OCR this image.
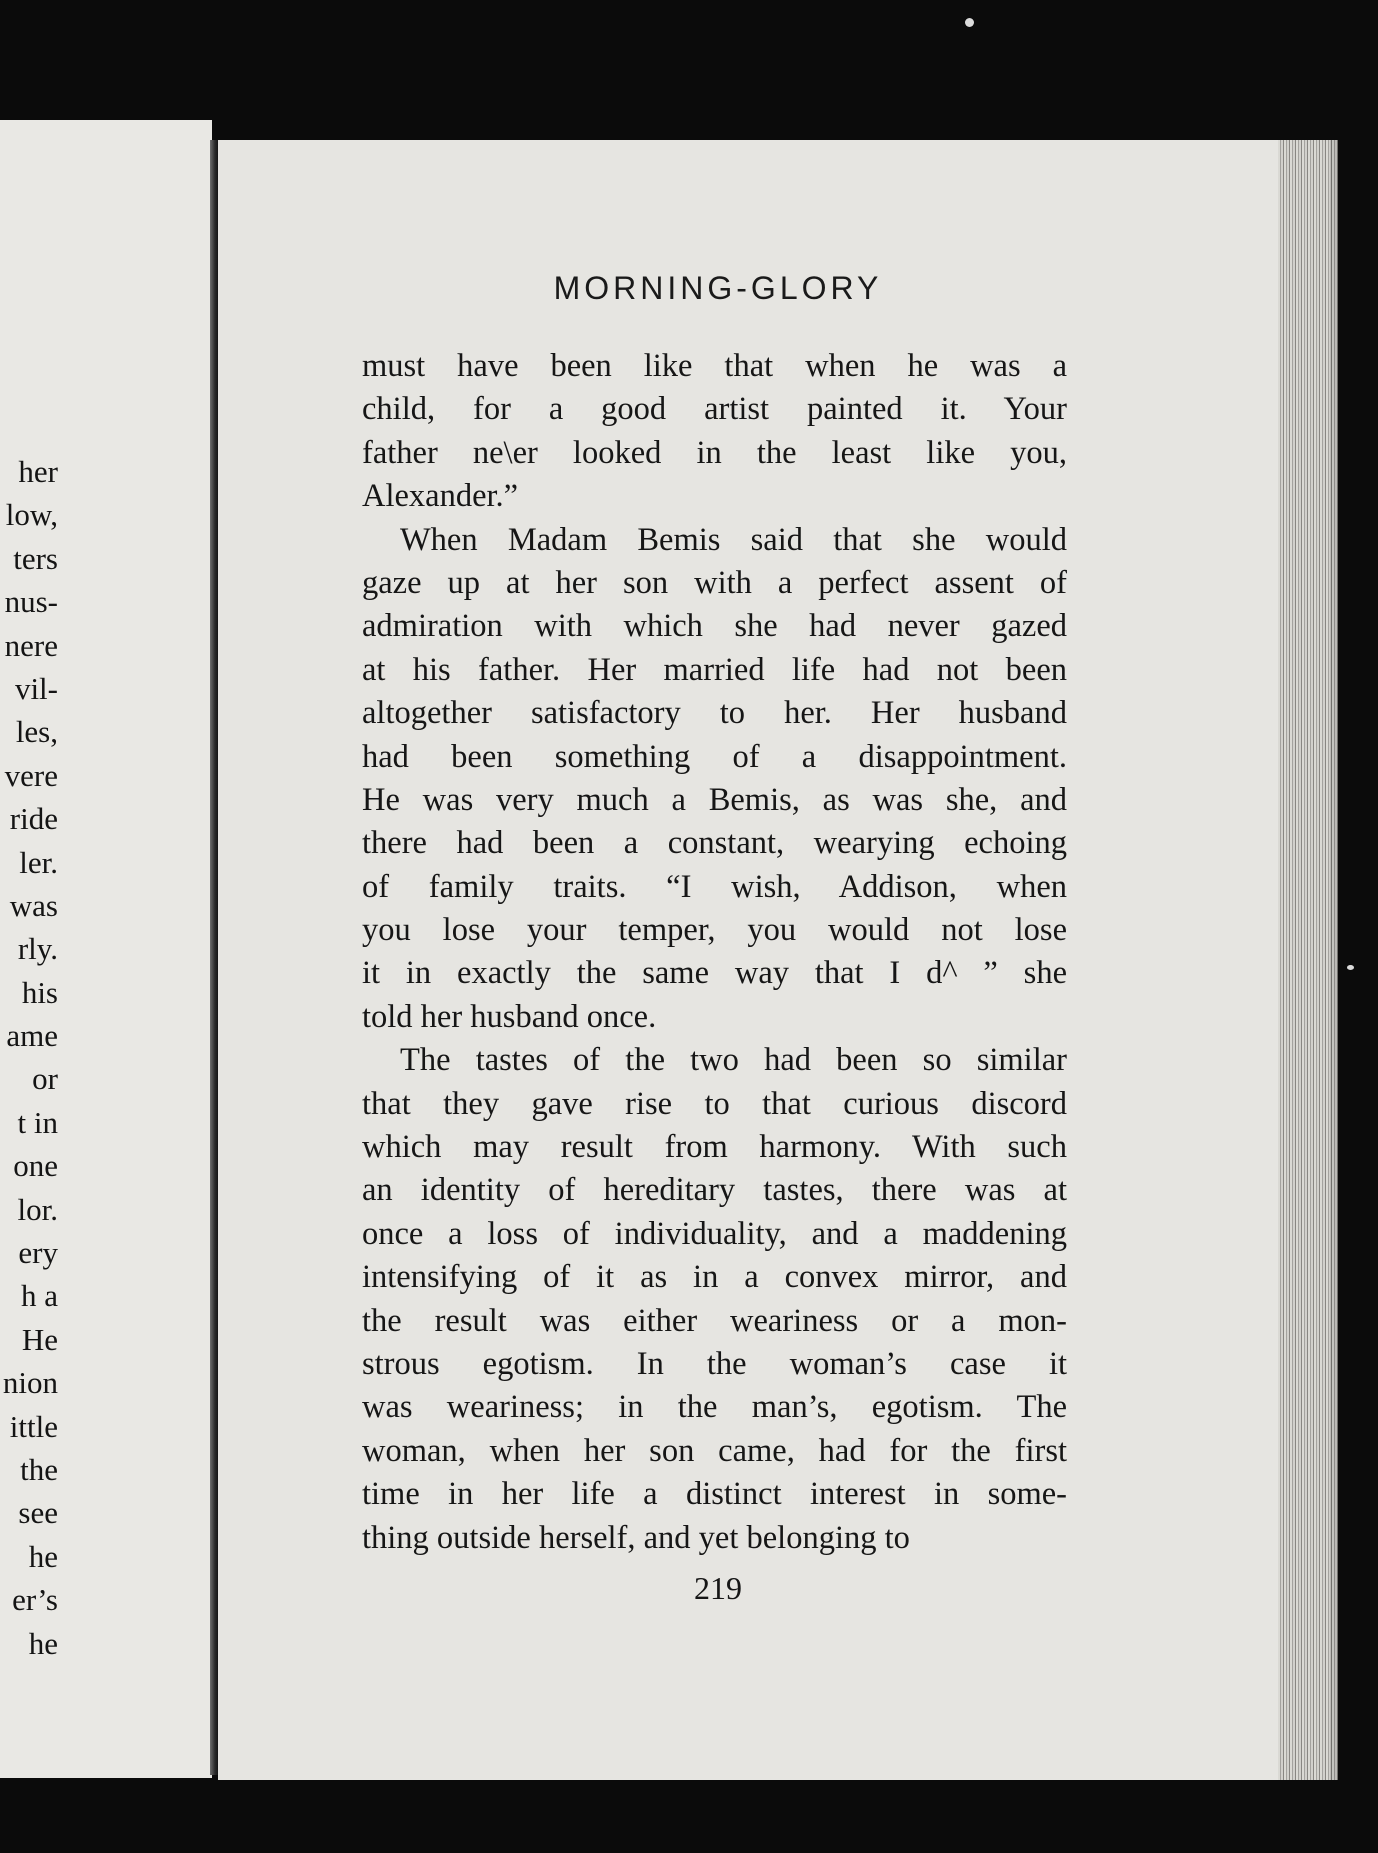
her
low,
ters
nus-
nere
vil-
les,
vere
ride
ler.
was
rly.
his
ame
or
t in
one
lor.
ery
h a
He
nion
ittle
the
see
he
er’s
he
MORNING-GLORY
must have been like that when he was a
child, for a good artist painted it. Your
father ne\er looked in the least like you,
Alexander.”
When Madam Bemis said that she would
gaze up at her son with a perfect assent of
admiration with which she had never gazed
at his father. Her married life had not been
altogether satisfactory to her. Her husband
had been something of a disappointment.
He was very much a Bemis, as was she, and
there had been a constant, wearying echoing
of family traits. “I wish, Addison, when
you lose your temper, you would not lose
it in exactly the same way that I d^ ” she
told her husband once.
The tastes of the two had been so similar
that they gave rise to that curious discord
which may result from harmony. With such
an identity of hereditary tastes, there was at
once a loss of individuality, and a maddening
intensifying of it as in a convex mirror, and
the result was either weariness or a mon-
strous egotism. In the woman’s case it
was weariness; in the man’s, egotism. The
woman, when her son came, had for the first
time in her life a distinct interest in some-
thing outside herself, and yet belonging to
219
